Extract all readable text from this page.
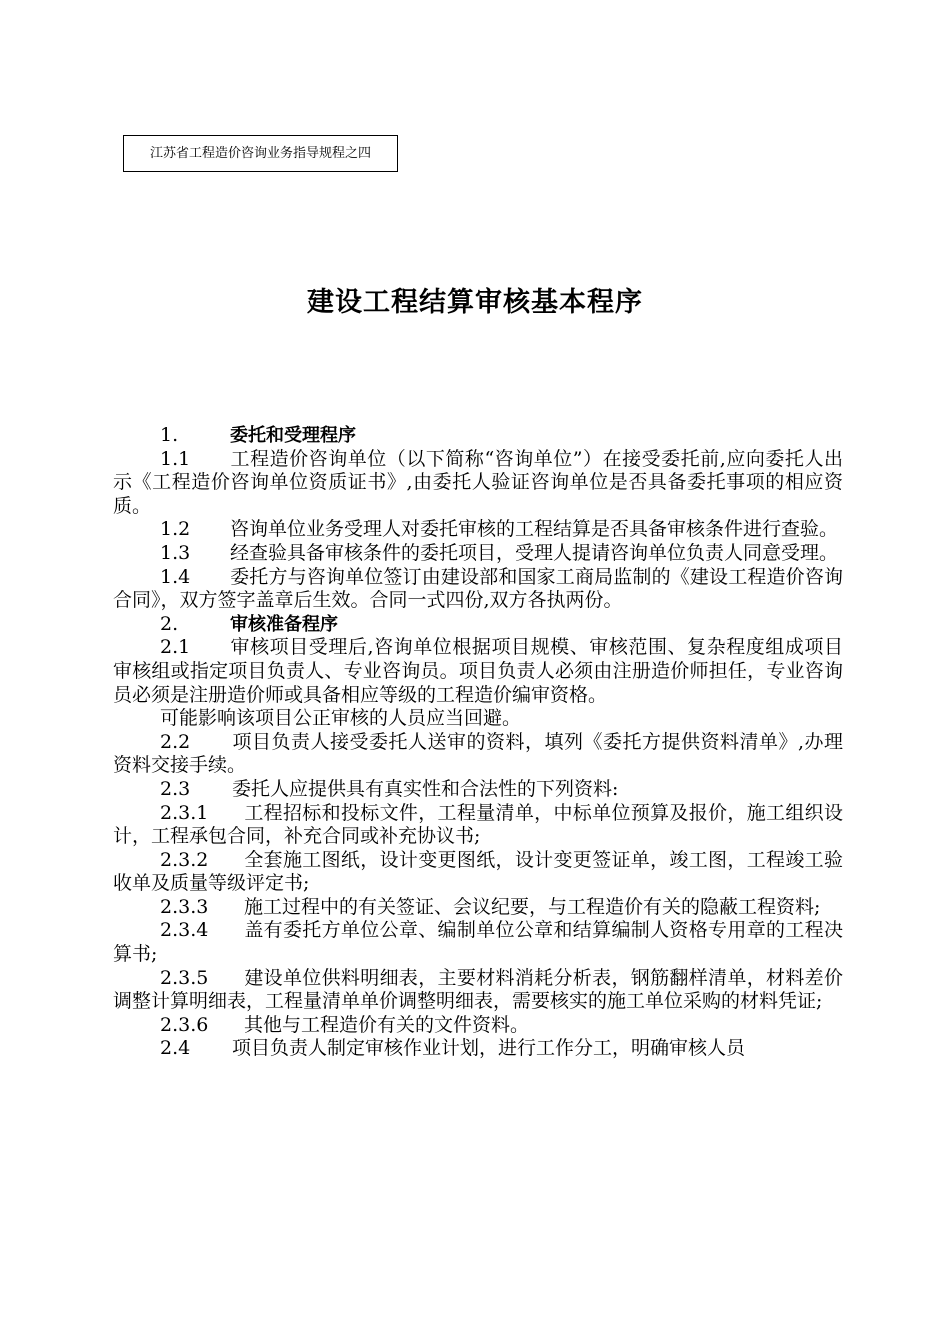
江苏省工程造价咨询业务指导规程之四
建设工程结算审核基本程序

1.	委托和受理程序

1.1 工程造价咨询单位（以下简称“咨询单位”）在接受委托前,应向委托人出示《工程造价咨询单位资质证书》,由委托人验证咨询单位是否具备委托事项的相应资质。

1.2 咨询单位业务受理人对委托审核的工程结算是否具备审核条件进行查验。

1.3 经查验具备审核条件的委托项目，受理人提请咨询单位负责人同意受理。

1.4 委托方与咨询单位签订由建设部和国家工商局监制的《建设工程造价咨询合同》，双方签字盖章后生效。合同一式四份,双方各执两份。

2.	审核准备程序

2.1 审核项目受理后,咨询单位根据项目规模、审核范围、复杂程度组成项目审核组或指定项目负责人、专业咨询员。项目负责人必须由注册造价师担任，专业咨询员必须是注册造价师或具备相应等级的工程造价编审资格。

可能影响该项目公正审核的人员应当回避。

2.2 项目负责人接受委托人送审的资料，填列《委托方提供资料清单》,办理资料交接手续。

2.3 委托人应提供具有真实性和合法性的下列资料:

2.3.1 工程招标和投标文件，工程量清单，中标单位预算及报价，施工组织设计，工程承包合同，补充合同或补充协议书;

2.3.2 全套施工图纸，设计变更图纸，设计变更签证单，竣工图，工程竣工验收单及质量等级评定书;

2.3.3 施工过程中的有关签证、会议纪要，与工程造价有关的隐蔽工程资料;

2.3.4 盖有委托方单位公章、编制单位公章和结算编制人资格专用章的工程决算书;

2.3.5 建设单位供料明细表，主要材料消耗分析表，钢筋翻样清单，材料差价调整计算明细表，工程量清单单价调整明细表，需要核实的施工单位采购的材料凭证;

2.3.6 其他与工程造价有关的文件资料。

2.4 项目负责人制定审核作业计划，进行工作分工，明确审核人员
